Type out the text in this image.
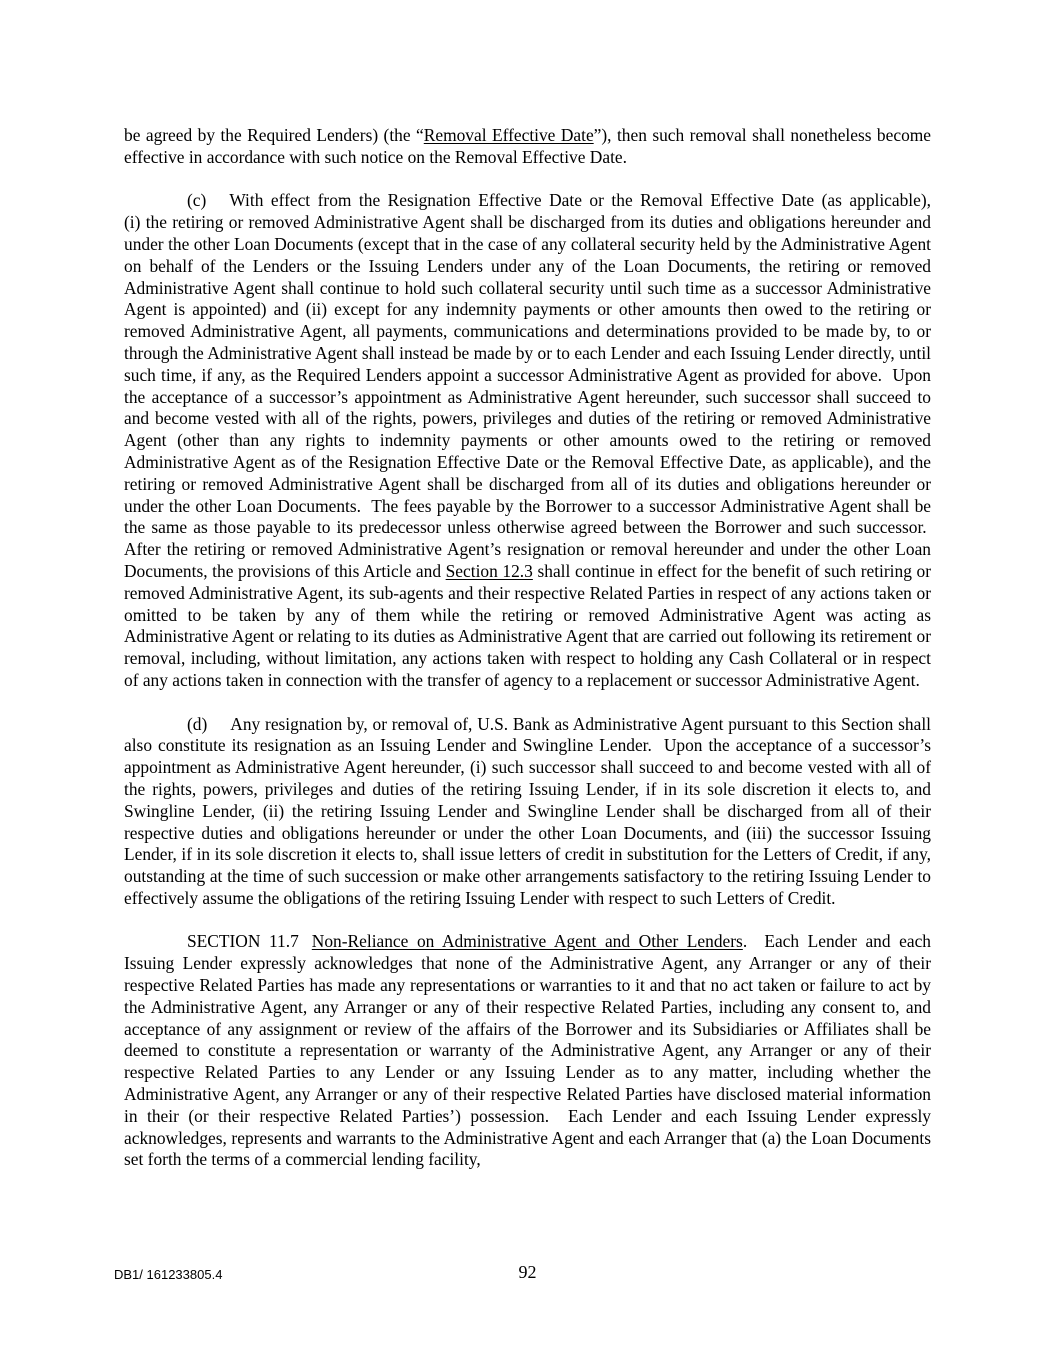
be agreed by the Required Lenders) (the “Removal Effective Date”), then such removal shall nonetheless become effective in accordance with such notice on the Removal Effective Date.

(c) With effect from the Resignation Effective Date or the Removal Effective Date (as applicable), (i) the retiring or removed Administrative Agent shall be discharged from its duties and obligations hereunder and under the other Loan Documents (except that in the case of any collateral security held by the Administrative Agent on behalf of the Lenders or the Issuing Lenders under any of the Loan Documents, the retiring or removed Administrative Agent shall continue to hold such collateral security until such time as a successor Administrative Agent is appointed) and (ii) except for any indemnity payments or other amounts then owed to the retiring or removed Administrative Agent, all payments, communications and determinations provided to be made by, to or through the Administrative Agent shall instead be made by or to each Lender and each Issuing Lender directly, until such time, if any, as the Required Lenders appoint a successor Administrative Agent as provided for above.  Upon the acceptance of a successor’s appointment as Administrative Agent hereunder, such successor shall succeed to and become vested with all of the rights, powers, privileges and duties of the retiring or removed Administrative Agent (other than any rights to indemnity payments or other amounts owed to the retiring or removed Administrative Agent as of the Resignation Effective Date or the Removal Effective Date, as applicable), and the retiring or removed Administrative Agent shall be discharged from all of its duties and obligations hereunder or under the other Loan Documents.  The fees payable by the Borrower to a successor Administrative Agent shall be the same as those payable to its predecessor unless otherwise agreed between the Borrower and such successor.  After the retiring or removed Administrative Agent’s resignation or removal hereunder and under the other Loan Documents, the provisions of this Article and Section 12.3 shall continue in effect for the benefit of such retiring or removed Administrative Agent, its sub-agents and their respective Related Parties in respect of any actions taken or omitted to be taken by any of them while the retiring or removed Administrative Agent was acting as Administrative Agent or relating to its duties as Administrative Agent that are carried out following its retirement or removal, including, without limitation, any actions taken with respect to holding any Cash Collateral or in respect of any actions taken in connection with the transfer of agency to a replacement or successor Administrative Agent.

(d) Any resignation by, or removal of, U.S. Bank as Administrative Agent pursuant to this Section shall also constitute its resignation as an Issuing Lender and Swingline Lender.  Upon the acceptance of a successor’s appointment as Administrative Agent hereunder, (i) such successor shall succeed to and become vested with all of the rights, powers, privileges and duties of the retiring Issuing Lender, if in its sole discretion it elects to, and Swingline Lender, (ii) the retiring Issuing Lender and Swingline Lender shall be discharged from all of their respective duties and obligations hereunder or under the other Loan Documents, and (iii) the successor Issuing Lender, if in its sole discretion it elects to, shall issue letters of credit in substitution for the Letters of Credit, if any, outstanding at the time of such succession or make other arrangements satisfactory to the retiring Issuing Lender to effectively assume the obligations of the retiring Issuing Lender with respect to such Letters of Credit.

SECTION 11.7 Non-Reliance on Administrative Agent and Other Lenders.  Each Lender and each Issuing Lender expressly acknowledges that none of the Administrative Agent, any Arranger or any of their respective Related Parties has made any representations or warranties to it and that no act taken or failure to act by the Administrative Agent, any Arranger or any of their respective Related Parties, including any consent to, and acceptance of any assignment or review of the affairs of the Borrower and its Subsidiaries or Affiliates shall be deemed to constitute a representation or warranty of the Administrative Agent, any Arranger or any of their respective Related Parties to any Lender or any Issuing Lender as to any matter, including whether the Administrative Agent, any Arranger or any of their respective Related Parties have disclosed material information in their (or their respective Related Parties’) possession.  Each Lender and each Issuing Lender expressly acknowledges, represents and warrants to the Administrative Agent and each Arranger that (a) the Loan Documents set forth the terms of a commercial lending facility,

DB1/ 161233805.4	92
